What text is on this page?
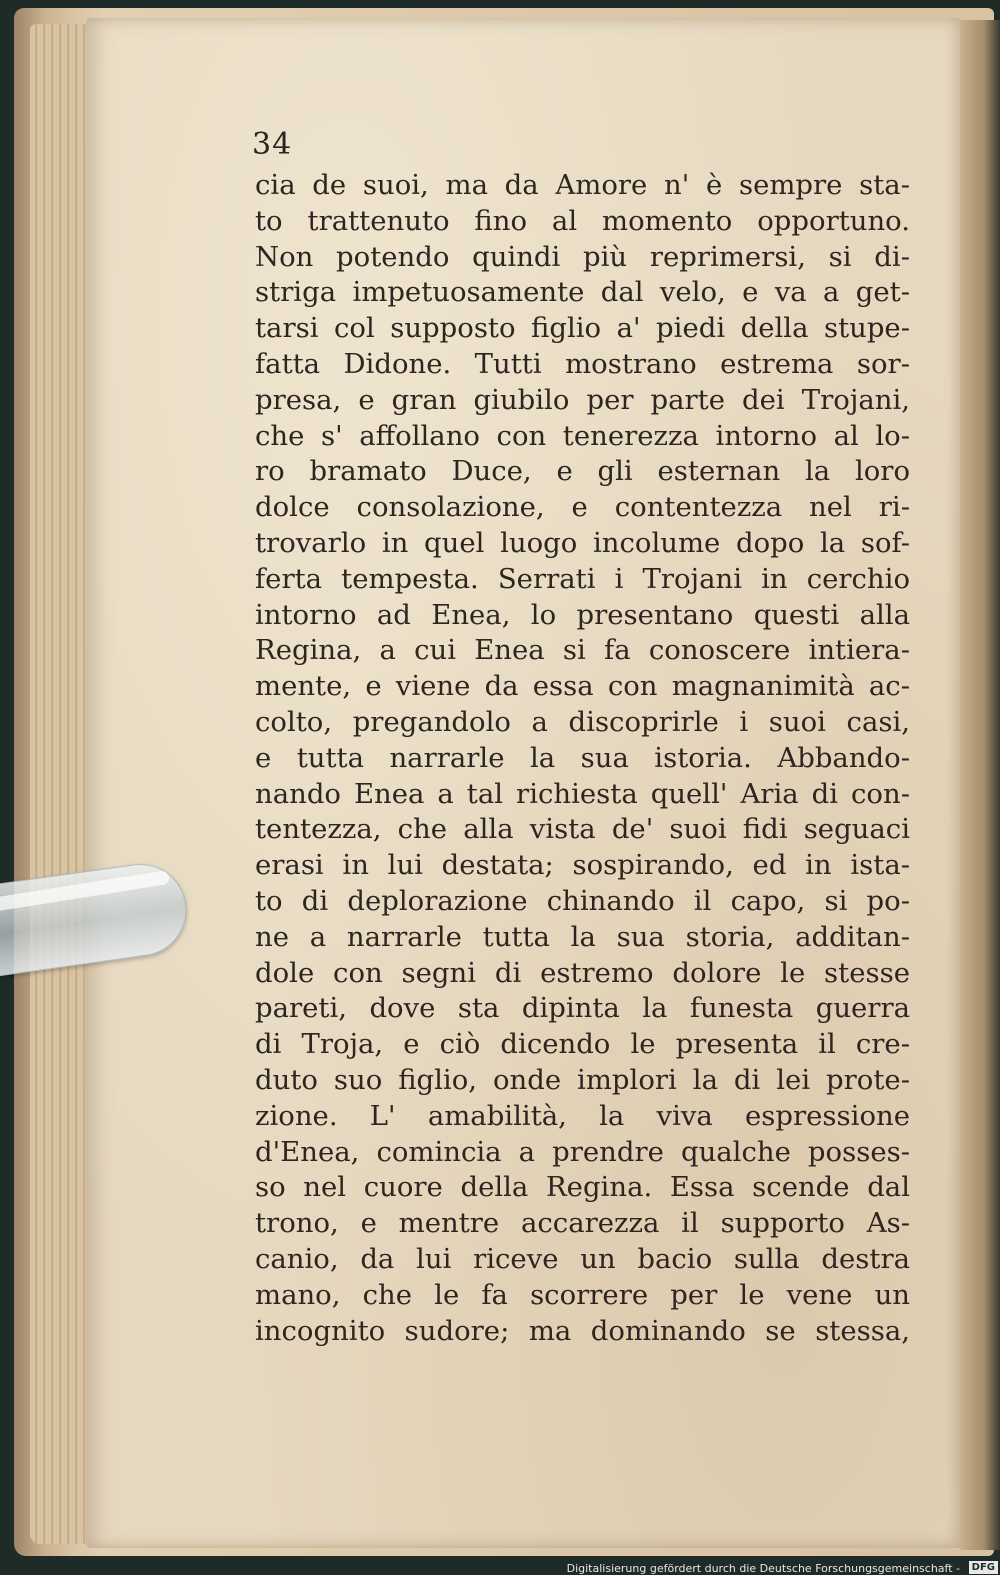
34

cia de suoi, ma da Amore n' è sempre sta-
to trattenuto fino al momento opportuno.
Non potendo quindi più reprimersi, si di-
striga impetuosamente dal velo, e va a get-
tarsi col supposto figlio a' piedi della stupe-
fatta Didone. Tutti mostrano estrema sor-
presa, e gran giubilo per parte dei Trojani,
che s' affollano con tenerezza intorno al lo-
ro bramato Duce, e gli esternan la loro
dolce consolazione, e contentezza nel ri-
trovarlo in quel luogo incolume dopo la sof-
ferta tempesta. Serrati i Trojani in cerchio
intorno ad Enea, lo presentano questi alla
Regina, a cui Enea si fa conoscere intiera-
mente, e viene da essa con magnanimità ac-
colto, pregandolo a discoprirle i suoi casi,
e tutta narrarle la sua istoria. Abbando-
nando Enea a tal richiesta quell' Aria di con-
tentezza, che alla vista de' suoi fidi seguaci
erasi in lui destata; sospirando, ed in ista-
to di deplorazione chinando il capo, si po-
ne a narrarle tutta la sua storia, additan-
dole con segni di estremo dolore le stesse
pareti, dove sta dipinta la funesta guerra
di Troja, e ciò dicendo le presenta il cre-
duto suo figlio, onde implori la di lei prote-
zione. L' amabilità, la viva espressione
d'Enea, comincia a prendre qualche posses-
so nel cuore della Regina. Essa scende dal
trono, e mentre accarezza il supporto As-
canio, da lui riceve un bacio sulla destra
mano, che le fa scorrere per le vene un
incognito sudore; ma dominando se stessa,

Digitalisierung gefördert durch die Deutsche Forschungsgemeinschaft -	DFG
